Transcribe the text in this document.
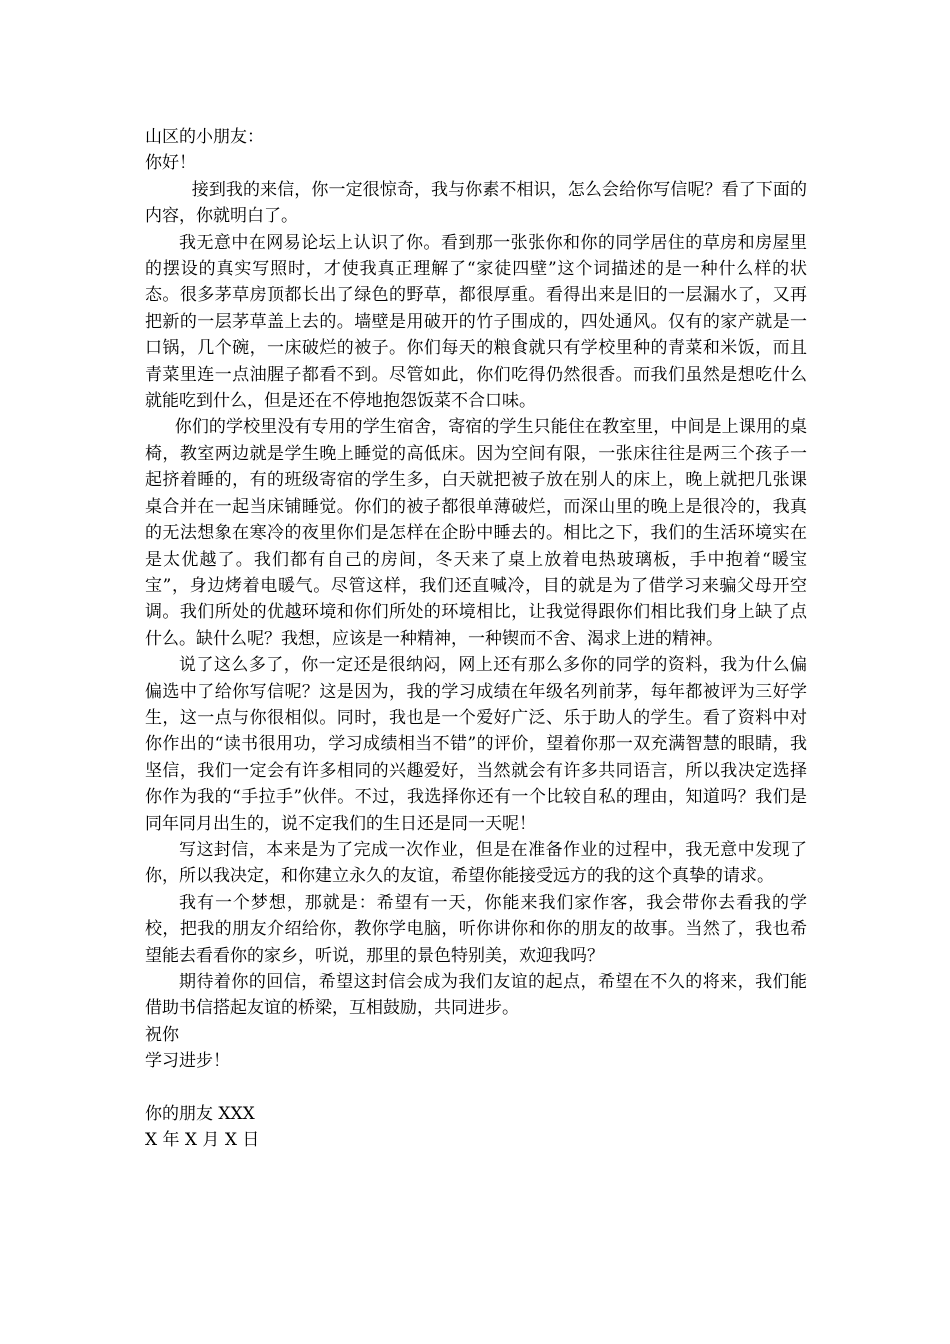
山区的小朋友：

你好！

接到我的来信，你一定很惊奇，我与你素不相识，怎么会给你写信呢？看了下面的内容，你就明白了。

我无意中在网易论坛上认识了你。看到那一张张你和你的同学居住的草房和房屋里的摆设的真实写照时，才使我真正理解了“家徒四壁”这个词描述的是一种什么样的状态。很多茅草房顶都长出了绿色的野草，都很厚重。看得出来是旧的一层漏水了，又再把新的一层茅草盖上去的。墙壁是用破开的竹子围成的，四处通风。仅有的家产就是一口锅，几个碗，一床破烂的被子。你们每天的粮食就只有学校里种的青菜和米饭，而且青菜里连一点油腥子都看不到。尽管如此，你们吃得仍然很香。而我们虽然是想吃什么就能吃到什么，但是还在不停地抱怨饭菜不合口味。

你们的学校里没有专用的学生宿舍，寄宿的学生只能住在教室里，中间是上课用的桌椅，教室两边就是学生晚上睡觉的高低床。因为空间有限，一张床往往是两三个孩子一起挤着睡的，有的班级寄宿的学生多，白天就把被子放在别人的床上，晚上就把几张课桌合并在一起当床铺睡觉。你们的被子都很单薄破烂，而深山里的晚上是很冷的，我真的无法想象在寒冷的夜里你们是怎样在企盼中睡去的。相比之下，我们的生活环境实在是太优越了。我们都有自己的房间，冬天来了桌上放着电热玻璃板，手中抱着“暖宝宝”，身边烤着电暖气。尽管这样，我们还直喊冷，目的就是为了借学习来骗父母开空调。我们所处的优越环境和你们所处的环境相比，让我觉得跟你们相比我们身上缺了点什么。缺什么呢？我想，应该是一种精神，一种锲而不舍、渴求上进的精神。

说了这么多了，你一定还是很纳闷，网上还有那么多你的同学的资料，我为什么偏偏选中了给你写信呢？这是因为，我的学习成绩在年级名列前茅，每年都被评为三好学生，这一点与你很相似。同时，我也是一个爱好广泛、乐于助人的学生。看了资料中对你作出的“读书很用功，学习成绩相当不错”的评价，望着你那一双充满智慧的眼睛，我坚信，我们一定会有许多相同的兴趣爱好，当然就会有许多共同语言，所以我决定选择你作为我的“手拉手”伙伴。不过，我选择你还有一个比较自私的理由，知道吗？我们是同年同月出生的，说不定我们的生日还是同一天呢！

写这封信，本来是为了完成一次作业，但是在准备作业的过程中，我无意中发现了你，所以我决定，和你建立永久的友谊，希望你能接受远方的我的这个真挚的请求。

我有一个梦想，那就是：希望有一天，你能来我们家作客，我会带你去看我的学校，把我的朋友介绍给你，教你学电脑，听你讲你和你的朋友的故事。当然了，我也希望能去看看你的家乡，听说，那里的景色特别美，欢迎我吗？

期待着你的回信，希望这封信会成为我们友谊的起点，希望在不久的将来，我们能借助书信搭起友谊的桥梁，互相鼓励，共同进步。

祝你

学习进步！

你的朋友 XXX

X 年 X 月 X 日
